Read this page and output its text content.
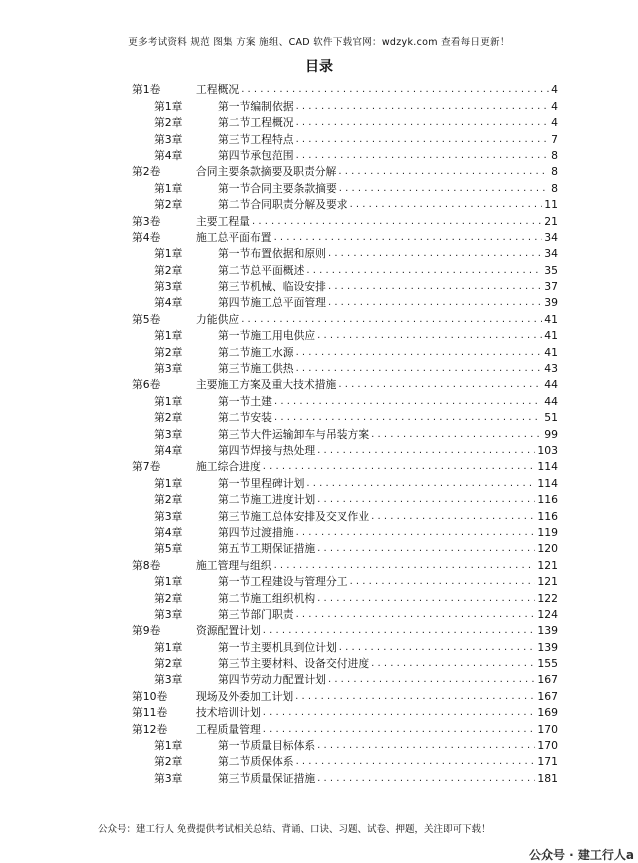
更多考试资料 规范 图集 方案 施组、CAD 软件下载官网：wdzyk.com 查看每日更新！
目录
第1卷	工程概况 . . .	4
第1章	第一节编制依据 . . .	4
第2章	第二节工程概况 . . .	4
第3章	第三节工程特点 . . .	7
第4章	第四节承包范围 . . .	8
第2卷	合同主要条款摘要及职责分解 . . .	8
第1章	第一节合同主要条款摘要 . . .	8
第2章	第二节合同职责分解及要求 . . .	11
第3卷	主要工程量 . . .	21
第4卷	施工总平面布置 . . .	34
第1章	第一节布置依据和原则 . . .	34
第2章	第二节总平面概述 . . .	35
第3章	第三节机械、临设安排 . . .	37
第4章	第四节施工总平面管理 . . .	39
第5卷	力能供应 . . .	41
第1章	第一节施工用电供应 . . .	41
第2章	第二节施工水源 . . .	41
第3章	第三节施工供热 . . .	43
第6卷	主要施工方案及重大技术措施 . . .	44
第1章	第一节土建 . . .	44
第2章	第二节安装 . . .	51
第3章	第三节大件运输卸车与吊装方案 . . .	99
第4章	第四节焊接与热处理 . . .	103
第7卷	施工综合进度 . . .	114
第1章	第一节里程碑计划 . . .	114
第2章	第二节施工进度计划 . . .	116
第3章	第三节施工总体安排及交叉作业 . . .	116
第4章	第四节过渡措施 . . .	119
第5章	第五节工期保证措施 . . .	120
第8卷	施工管理与组织 . . .	121
第1章	第一节工程建设与管理分工 . . .	121
第2章	第二节施工组织机构 . . .	122
第3章	第三节部门职责 . . .	124
第9卷	资源配置计划 . . .	139
第1章	第一节主要机具到位计划 . . .	139
第2章	第三节主要材料、设备交付进度 . . .	155
第3章	第四节劳动力配置计划 . . .	167
第10卷	现场及外委加工计划 . . .	167
第11卷	技术培训计划 . . .	169
第12卷	工程质量管理 . . .	170
第1章	第一节质量目标体系 . . .	170
第2章	第二节质保体系 . . .	171
第3章	第三节质量保证措施 . . .	181
公众号：建工行人 免费提供考试相关总结、背诵、口诀、习题、试卷、押题，关注即可下载！
公众号 · 建工行人a
